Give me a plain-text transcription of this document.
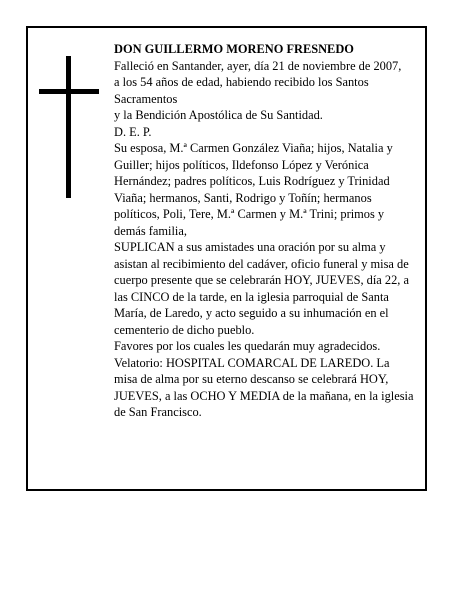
DON GUILLERMO MORENO FRESNEDO

Falleció en Santander, ayer, día 21 de noviembre de 2007,

a los 54 años de edad, habiendo recibido los Santos Sacramentos

y la Bendición Apostólica de Su Santidad.

D. E. P.

Su esposa, M.ª Carmen González Viaña; hijos, Natalia y Guiller; hijos políticos, Ildefonso López y Verónica Hernández; padres políticos, Luis Rodríguez y Trinidad Viaña; hermanos, Santi, Rodrigo y Toñín; hermanos políticos, Poli, Tere, M.ª Carmen y M.ª Trini; primos y demás familia,

SUPLICAN a sus amistades una oración por su alma y asistan al recibimiento del cadáver, oficio funeral y misa de cuerpo presente que se celebrarán HOY, JUEVES, día 22, a las CINCO de la tarde, en la iglesia parroquial de Santa María, de Laredo, y acto seguido a su inhumación en el cementerio de dicho pueblo.

Favores por los cuales les quedarán muy agradecidos.

Velatorio: HOSPITAL COMARCAL DE LAREDO. La misa de alma por su eterno descanso se celebrará HOY, JUEVES, a las OCHO Y MEDIA de la mañana, en la iglesia de San Francisco.
